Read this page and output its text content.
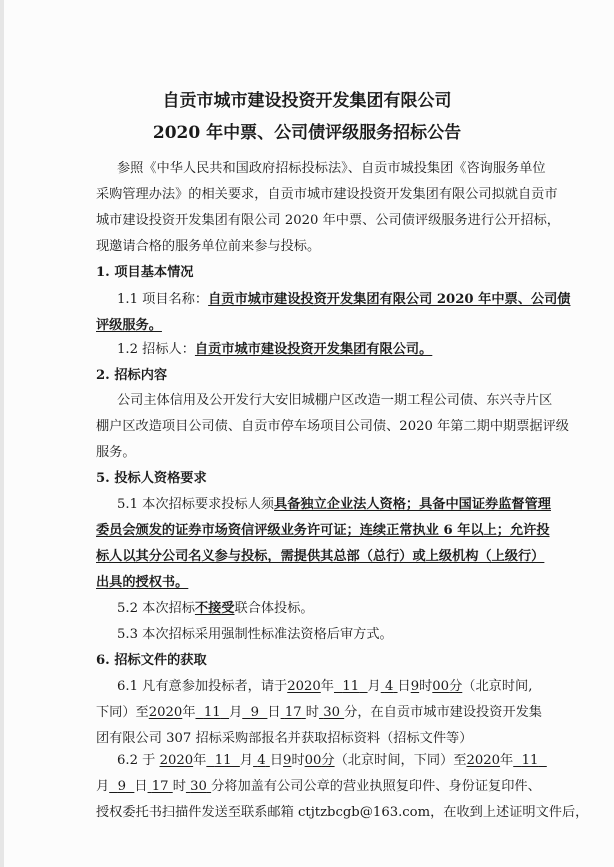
自贡市城市建设投资开发集团有限公司
2020 年中票、公司债评级服务招标公告
参照《中华人民共和国政府招标投标法》、自贡市城投集团《咨询服务单位
采购管理办法》的相关要求，自贡市城市建设投资开发集团有限公司拟就自贡市
城市建设投资开发集团有限公司 2020 年中票、公司债评级服务进行公开招标，
现邀请合格的服务单位前来参与投标。
1. 项目基本情况
1.1 项目名称：自贡市城市建设投资开发集团有限公司 2020 年中票、公司债
评级服务。
1.2 招标人：自贡市城市建设投资开发集团有限公司。
2. 招标内容
公司主体信用及公开发行大安旧城棚户区改造一期工程公司债、东兴寺片区
棚户区改造项目公司债、自贡市停车场项目公司债、2020 年第二期中期票据评级
服务。
5. 投标人资格要求
5.1 本次招标要求投标人须具备独立企业法人资格；具备中国证券监督管理
委员会颁发的证券市场资信评级业务许可证；连续正常执业 6 年以上；允许投
标人以其分公司名义参与投标，需提供其总部（总行）或上级机构（上级行）
出具的授权书。
5.2 本次招标不接受联合体投标。
5.3 本次招标采用强制性标准法资格后审方式。
6. 招标文件的获取
6.1 凡有意参加投标者，请于2020年 11 月 4 日9时00分（北京时间,
下同）至2020年 11 月 9 日 17 时 30 分，在自贡市城市建设投资开发集
团有限公司 307 招标采购部报名并获取招标资料（招标文件等）
6.2 于 2020年 11 月 4 日9时00分（北京时间，下同）至2020年 11
月 9 日 17 时 30 分将加盖有公司公章的营业执照复印件、身份证复印件、
授权委托书扫描件发送至联系邮箱 ctjtzbcgb@163.com，在收到上述证明文件后，
